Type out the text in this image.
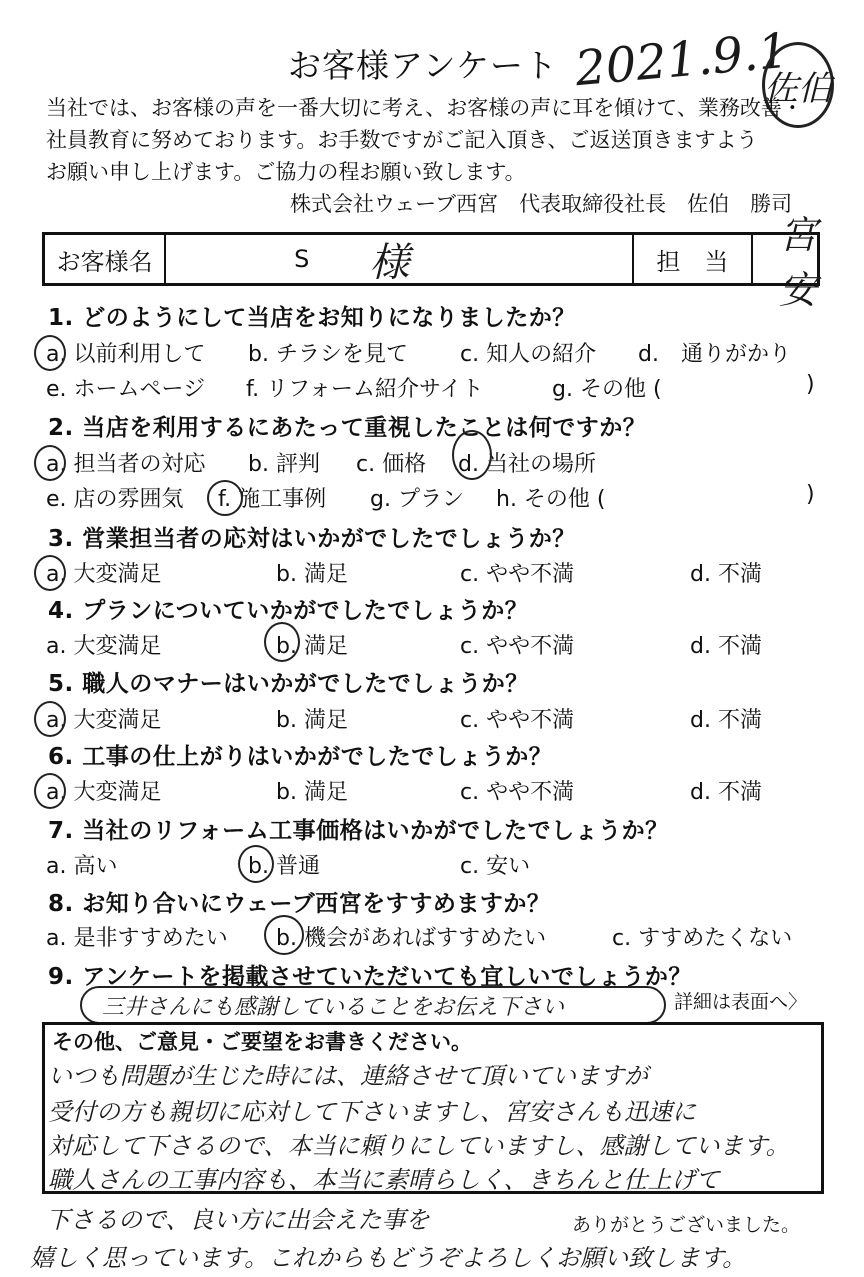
お客様アンケート 2021.9.1
佐伯
当社では、お客様の声を一番大切に考え、お客様の声に耳を傾けて、業務改善・
社員教育に努めております。お手数ですがご記入頂き、ご返送頂きますよう
お願い申し上げます。ご協力の程お願い致します。
株式会社ウェーブ西宮　代表取締役社長　佐伯　勝司
お客様名	S 様	担　当
宮安
1. どのようにして当店をお知りになりましたか？
a. 以前利用して b. チラシを見て c. 知人の紹介 d.　通りがかり
e. ホームページ f. リフォーム紹介サイト	g. その他 (	)
2. 当店を利用するにあたって重視したことは何ですか？
a. 担当者の対応 b. 評判 c. 価格 d. 当社の場所
e. 店の雰囲気 f. 施工事例 g. プラン h. その他 (	)
3. 営業担当者の応対はいかがでしたでしょうか？
a. 大変満足	b. 満足	c. やや不満	d. 不満
4. プランについていかがでしたでしょうか？
a. 大変満足	b. 満足	c. やや不満	d. 不満
5. 職人のマナーはいかがでしたでしょうか？
a. 大変満足	b. 満足	c. やや不満	d. 不満
6. 工事の仕上がりはいかがでしたでしょうか？
a. 大変満足	b. 満足	c. やや不満	d. 不満
7. 当社のリフォーム工事価格はいかがでしたでしょうか？
a. 高い	b. 普通	c. 安い
8. お知り合いにウェーブ西宮をすすめますか？
a. 是非すすめたい b. 機会があればすすめたい	c. すすめたくない
9. アンケートを掲載させていただいても宜しいでしょうか？
三井さんにも感謝していることをお伝え下さい	詳細は表面へ〉
その他、ご意見・ご要望をお書きください。
いつも問題が生じた時には、連絡させて頂いていますが
受付の方も親切に応対して下さいますし、宮安さんも迅速に
対応して下さるので、本当に頼りにしていますし、感謝しています。
職人さんの工事内容も、本当に素晴らしく、きちんと仕上げて
下さるので、良い方に出会えた事を	ありがとうございました。
嬉しく思っています。これからもどうぞよろしくお願い致します。
